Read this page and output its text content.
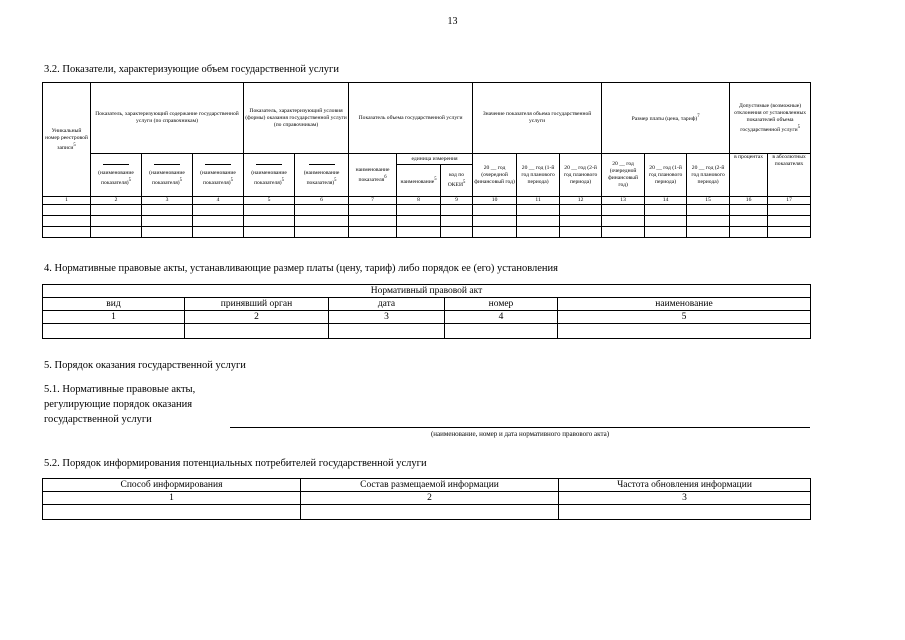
13
3.2. Показатели, характеризующие объем государственной услуги
Уникальный номер реестровой записи$^5$	Показатель, характеризующий содержание государственной услуги (по справочникам)			Показатель, характеризующий условия (формы) оказания государственной услуги (по справочникам)		Показатель объема государственной услуги			Значение показателя объема государственной услуги			Размер платы (цена, тариф)$^7$			Допустимые (возможные) отклонения от установленных показателей объема государственной услуги$^5$

(наименование показателя)$^5$	(наименование показателя)$^5$	(наименование показателя)$^5$	(наименование показателя)$^5$	(наименование показателя)$^5$	наименование показателя$^6$	единица измерения		20 __ год (очередной финансовый год)	20 __ год (1-й год планового периода)	20 __ год (2-й год планового периода)	20 __ год (очередной финансовый год)	20 __ год (1-й год планового периода)	20 __ год (2-й год планового периода)	в процентах	в абсолютных показателях
							наименование$^5$	код по ОКЕИ$^5$
1	2	3	4	5	6	7	8	9	10	11	12	13	14	15	16	17

4. Нормативные правовые акты, устанавливающие размер платы (цену, тариф) либо порядок ее (его) установления
Нормативный правовой акт				
вид	принявший орган	дата	номер	наименование
1	2	3	4	5

5. Порядок оказания государственной услуги
5.1. Нормативные правовые акты,
регулирующие порядок оказания
государственной услуги
(наименование, номер и дата нормативного правового акта)
5.2. Порядок информирования потенциальных потребителей государственной услуги
Способ информирования	Состав размещаемой информации	Частота обновления информации
1	2	3
